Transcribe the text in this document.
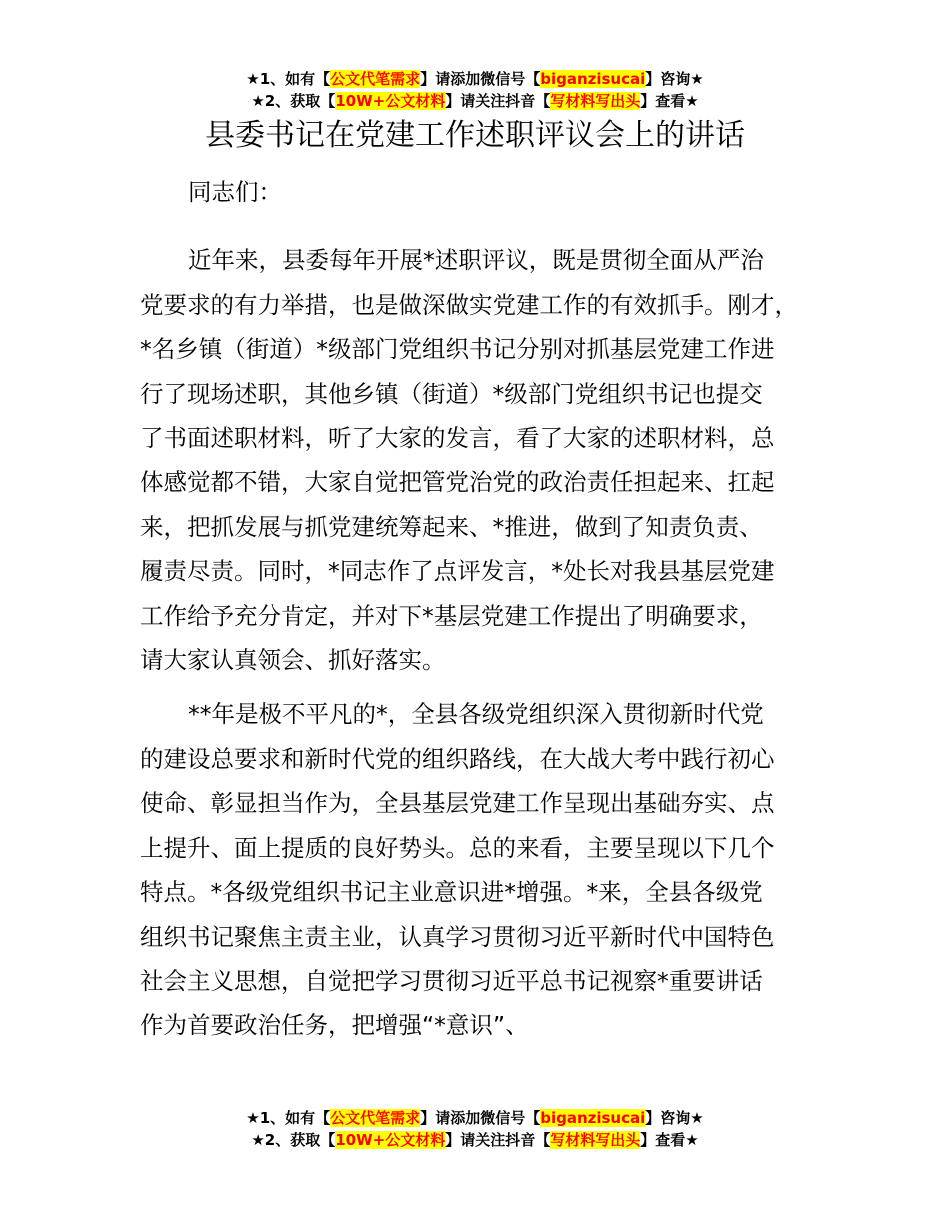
★1、如有【公文代笔需求】请添加微信号【biganzisucai】咨询★
★2、获取【10W+公文材料】请关注抖音【写材料写出头】查看★
县委书记在党建工作述职评议会上的讲话

同志们：

近年来，县委每年开展*述职评议，既是贯彻全面从严治
党要求的有力举措，也是做深做实党建工作的有效抓手。刚才，
*名乡镇（街道）*级部门党组织书记分别对抓基层党建工作进
行了现场述职，其他乡镇（街道）*级部门党组织书记也提交
了书面述职材料，听了大家的发言，看了大家的述职材料，总
体感觉都不错，大家自觉把管党治党的政治责任担起来、扛起
来，把抓发展与抓党建统筹起来、*推进，做到了知责负责、
履责尽责。同时，*同志作了点评发言，*处长对我县基层党建
工作给予充分肯定，并对下*基层党建工作提出了明确要求，
请大家认真领会、抓好落实。

**年是极不平凡的*，全县各级党组织深入贯彻新时代党
的建设总要求和新时代党的组织路线，在大战大考中践行初心
使命、彰显担当作为，全县基层党建工作呈现出基础夯实、点
上提升、面上提质的良好势头。总的来看，主要呈现以下几个
特点。*各级党组织书记主业意识进*增强。*来，全县各级党
组织书记聚焦主责主业，认真学习贯彻习近平新时代中国特色
社会主义思想，自觉把学习贯彻习近平总书记视察*重要讲话
作为首要政治任务，把增强“*意识”、

★1、如有【公文代笔需求】请添加微信号【biganzisucai】咨询★
★2、获取【10W+公文材料】请关注抖音【写材料写出头】查看★
